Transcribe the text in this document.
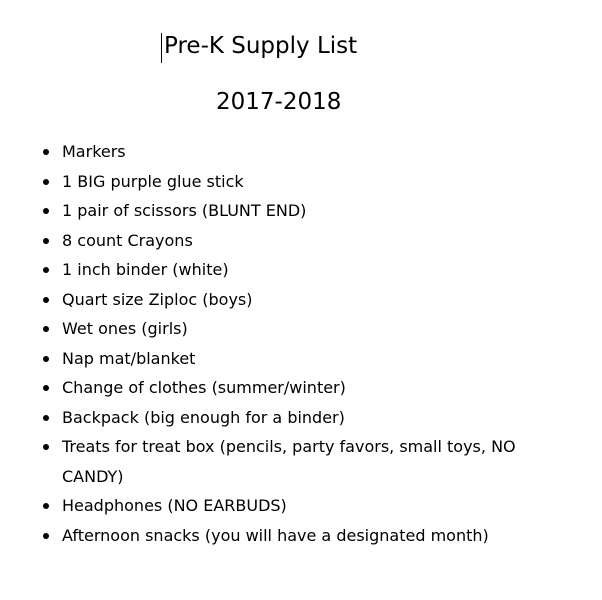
Pre-K Supply List
2017-2018
Markers
1 BIG purple glue stick
1 pair of scissors (BLUNT END)
8 count Crayons
1 inch binder (white)
Quart size Ziploc (boys)
Wet ones (girls)
Nap mat/blanket
Change of clothes (summer/winter)
Backpack (big enough for a binder)
Treats for treat box (pencils, party favors, small toys, NO CANDY)
Headphones (NO EARBUDS)
Afternoon snacks (you will have a designated month)
